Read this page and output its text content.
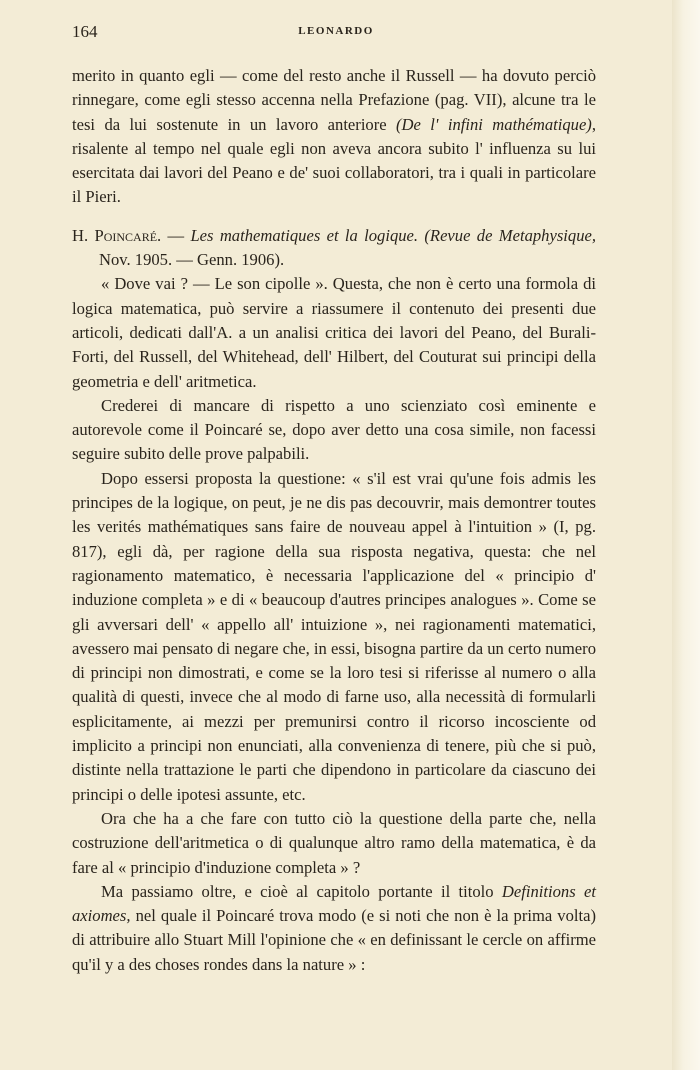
164	LEONARDO

merito in quanto egli — come del resto anche il Russell — ha dovuto perciò rinnegare, come egli stesso accenna nella Prefazione (pag. VII), alcune tra le tesi da lui sostenute in un lavoro anteriore (De l' infini mathématique), risalente al tempo nel quale egli non aveva ancora subito l' influenza su lui esercitata dai lavori del Peano e de' suoi collaboratori, tra i quali in particolare il Pieri.

H. Poincaré. — Les mathematiques et la logique. (Revue de Metaphysique, Nov. 1905. — Genn. 1906).

« Dove vai ? — Le son cipolle ». Questa, che non è certo una formola di logica matematica, può servire a riassumere il contenuto dei presenti due articoli, dedicati dall'A. a un analisi critica dei lavori del Peano, del Burali-Forti, del Russell, del Whitehead, dell' Hilbert, del Couturat sui principi della geometria e dell' aritmetica.

Crederei di mancare di rispetto a uno scienziato così eminente e autorevole come il Poincaré se, dopo aver detto una cosa simile, non facessi seguire subito delle prove palpabili.

Dopo essersi proposta la questione: « s'il est vrai qu'une fois admis les principes de la logique, on peut, je ne dis pas decouvrir, mais demontrer toutes les verités mathématiques sans faire de nouveau appel à l'intuition » (I, pg. 817), egli dà, per ragione della sua risposta negativa, questa: che nel ragionamento matematico, è necessaria l'applicazione del « principio d' induzione completa » e di « beaucoup d'autres principes analogues ». Come se gli avversari dell' « appello all' intuizione », nei ragionamenti matematici, avessero mai pensato di negare che, in essi, bisogna partire da un certo numero di principi non dimostrati, e come se la loro tesi si riferisse al numero o alla qualità di questi, invece che al modo di farne uso, alla necessità di formularli esplicitamente, ai mezzi per premunirsi contro il ricorso incosciente od implicito a principi non enunciati, alla convenienza di tenere, più che si può, distinte nella trattazione le parti che dipendono in particolare da ciascuno dei principi o delle ipotesi assunte, etc.

Ora che ha a che fare con tutto ciò la questione della parte che, nella costruzione dell'aritmetica o di qualunque altro ramo della matematica, è da fare al « principio d'induzione completa » ?

Ma passiamo oltre, e cioè al capitolo portante il titolo Definitions et axiomes, nel quale il Poincaré trova modo (e si noti che non è la prima volta) di attribuire allo Stuart Mill l'opinione che « en definissant le cercle on affirme qu'il y a des choses rondes dans la nature » :
